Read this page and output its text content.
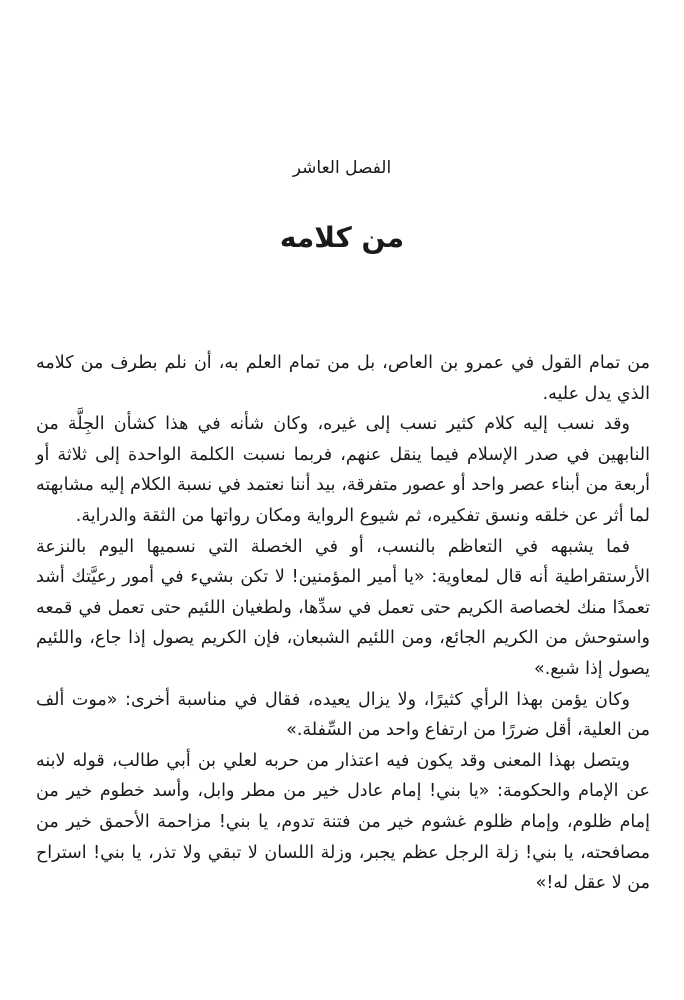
الفصل العاشر
من كلامه

من تمام القول في عمرو بن العاص، بل من تمام العلم به، أن نلم بطرف من كلامه الذي يدل عليه.

وقد نسب إليه كلام كثير نسب إلى غيره، وكان شأنه في هذا كشأن الجِلَّة من النابهين في صدر الإسلام فيما ينقل عنهم، فربما نسبت الكلمة الواحدة إلى ثلاثة أو أربعة من أبناء عصر واحد أو عصور متفرقة، بيد أننا نعتمد في نسبة الكلام إليه مشابهته لما أثر عن خلقه ونسق تفكيره، ثم شيوع الرواية ومكان رواتها من الثقة والدراية.

فما يشبهه في التعاظم بالنسب، أو في الخصلة التي نسميها اليوم بالنزعة الأرستقراطية أنه قال لمعاوية: «يا أمير المؤمنين! لا تكن بشيء في أمور رعيَّتك أشد تعمدًا منك لخصاصة الكريم حتى تعمل في سدِّها، ولطغيان اللئيم حتى تعمل في قمعه واستوحش من الكريم الجائع، ومن اللئيم الشبعان، فإن الكريم يصول إذا جاع، واللئيم يصول إذا شبع.»

وكان يؤمن بهذا الرأي كثيرًا، ولا يزال يعيده، فقال في مناسبة أخرى: «موت ألف من العلية، أقل ضررًا من ارتفاع واحد من السِّفلة.»

ويتصل بهذا المعنى وقد يكون فيه اعتذار من حربه لعلي بن أبي طالب، قوله لابنه عن الإمام والحكومة: «يا بني! إمام عادل خير من مطر وابل، وأسد خطوم خير من إمام ظلوم، وإمام ظلوم غشوم خير من فتنة تدوم، يا بني! مزاحمة الأحمق خير من مصافحته، يا بني! زلة الرجل عظم يجبر، وزلة اللسان لا تبقي ولا تذر، يا بني! استراح من لا عقل له!»
